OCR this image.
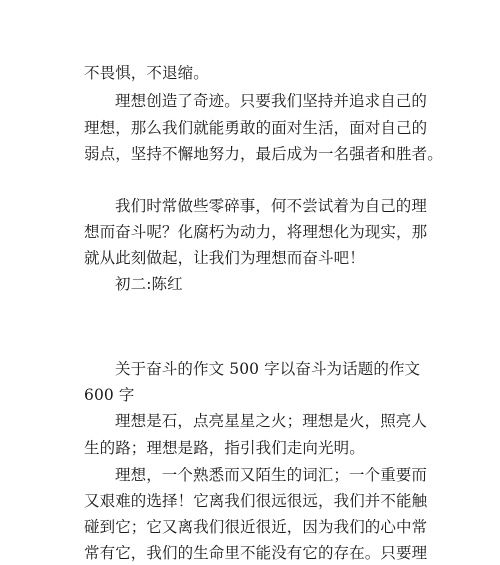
不畏惧，不退缩。
理想创造了奇迹。只要我们坚持并追求自己的
理想，那么我们就能勇敢的面对生活，面对自己的
弱点，坚持不懈地努力，最后成为一名强者和胜者。
我们时常做些零碎事，何不尝试着为自己的理
想而奋斗呢？化腐朽为动力，将理想化为现实，那
就从此刻做起，让我们为理想而奋斗吧！
初二:陈红
关于奋斗的作文 500 字以奋斗为话题的作文
600 字
理想是石，点亮星星之火；理想是火，照亮人
生的路；理想是路，指引我们走向光明。
理想，一个熟悉而又陌生的词汇；一个重要而
又艰难的选择！它离我们很远很远，我们并不能触
碰到它；它又离我们很近很近，因为我们的心中常
常有它，我们的生命里不能没有它的存在。只要理
